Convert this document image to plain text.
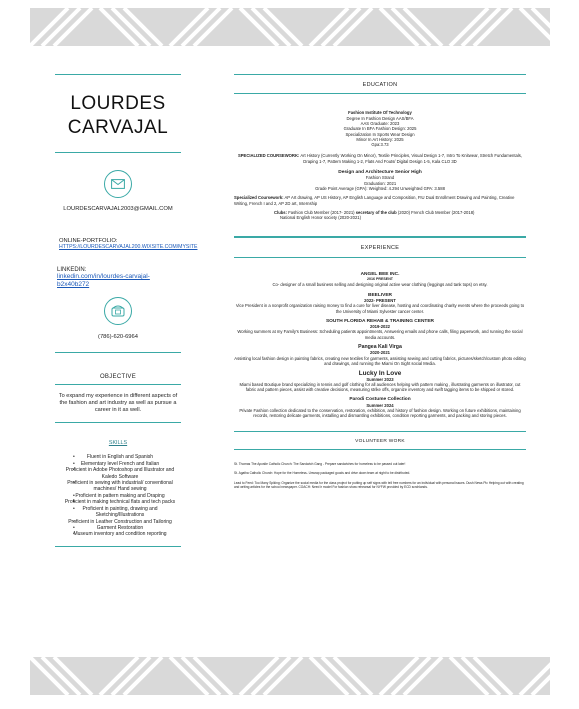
LOURDES
CARVAJAL
LOURDESCARVAJAL2003@GMAIL.COM
ONLINE-PORTFOLIO:
HTTPS://LOURDESCARVAJAL200.WIXSITE.COM/MYSITE
LINKEDIN:
linkedin.com/in/lourdes-carvajal-b2x40b272
(786)-620-6964
OBJECTIVE
To expand my experience in different aspects of the fashion and art industry as well as pursue a career in it as well.
SKILLS
• Fluent in English and Spanish
• Elementary level French and Italian
• Proficient in Adobe Photoshop and Illustrator and Kaledo Software
• Proficient in sewing with industrial/ conventional machines/ Hand sewing
• Proficient in pattern making and Draping
• Proficient in making technical flats and tech packs
• Proficient in painting, drawing and Sketching/Illustrations
• Proficient in Leather Construction and Tailoring
• Garment Restoration
• Museum inventory and condition reporting
EDUCATION
Fashion Institute Of Technology
Degree In Fashion Design AAS/BFA
AAS Graduate: 2023
Graduate In BFA Fashion Design: 2025
Specialization In Sports Wear Design
Minor In Art History: 2025
Gpa:3.73
SPECIALIZED COURSEWORK: Art History (Currently Working On Minor), Textile Principles, Visual Design 1-7, Intro To Knitwear, Stretch Fundamentals, Draping 1-7, Pattern Making 1-2, Flats And Fouts/ Digital Design 1-5, Kala CLO 3D
Design and Architecture Senior High
Fashion Strand
Graduation: 2021
Grade Point Average (GPA): Weighted: 4.294 Unweighted GPA: 3.588
Specialized Coursework: AP Art drawing, AP US History, AP English Language and Composition, FIU Dual Enrollment Drawing and Painting, Creative Writing, French I and 2, AP 2D art, Internship
Clubs: Fashion Club Member (2017- 2021) secretary of the club (2020) French Club Member (2017-2018)
National English Honor society (2020-2021)
EXPERIENCE
ANGEL BEE INC.
2016 PRESENT
Co- designer of a small business selling and designing original active wear clothing (leggings and tank tops) on etsy.
BEELIVER
2022- PRESENT
Vice President in a nonprofit organization raising money to find a cure for liver disease, hosting and coordinating charity events where the proceeds going to the University of Miami Sylvester cancer center.
SOUTH FLORIDA REHAB & TRAINING CENTER
2019-2022
Working summers at my Family's Business: Scheduling patients appointments, Answering emails and phone calls, filing paperwork, and running the social media accounts.
Pangea Kali Virga
2020-2021
Assisting local fashion design in painting fabrics, creating new textiles for garments, assisting sewing and cutting fabrics, pictures/sketch/custom photo editing and drawings, and running the Miami On Sight social Media.
Lucky In Love
Summer 2023
Miami based Boutique brand specializing in tennis and golf clothing for all audiences helping with pattern making , illustrating garments on illustrator, cut fabric and pattern pieces, assist with creative decisions, measuring strike offs, organize inventory and swift tagging items to be shipped or stored.
Parodi Costume Collection
Summer 2024
Private Fashion collection dedicated to the conservation, restoration, exhibition, and history of fashion design. Working on future exhibitions, maintaining records, restoring delicate garments, installing and dismantling exhibitions, condition reporting garments, and packing and storing pieces.
VOLUNTEER WORK
St. Thomas The Apostle Catholic Church: The Sandwich Gang - Prepare sandwiches for homeless to be passed out later!
St. Agatha Catholic Church: Hope for the Homeless- Unwrap packaged goods and drive down team at night to be distributed.
Lead to Feed: Too Many Spiking: Organize the social media for the class project for putting up self signs with tell free numbers for an individual with personal issues. Dush News Pic Helping out with creating and writing articles for the school newspaper. COACH: Need ir model For fashion show rehearsal for NYFW provided by ECD scrchlands.
